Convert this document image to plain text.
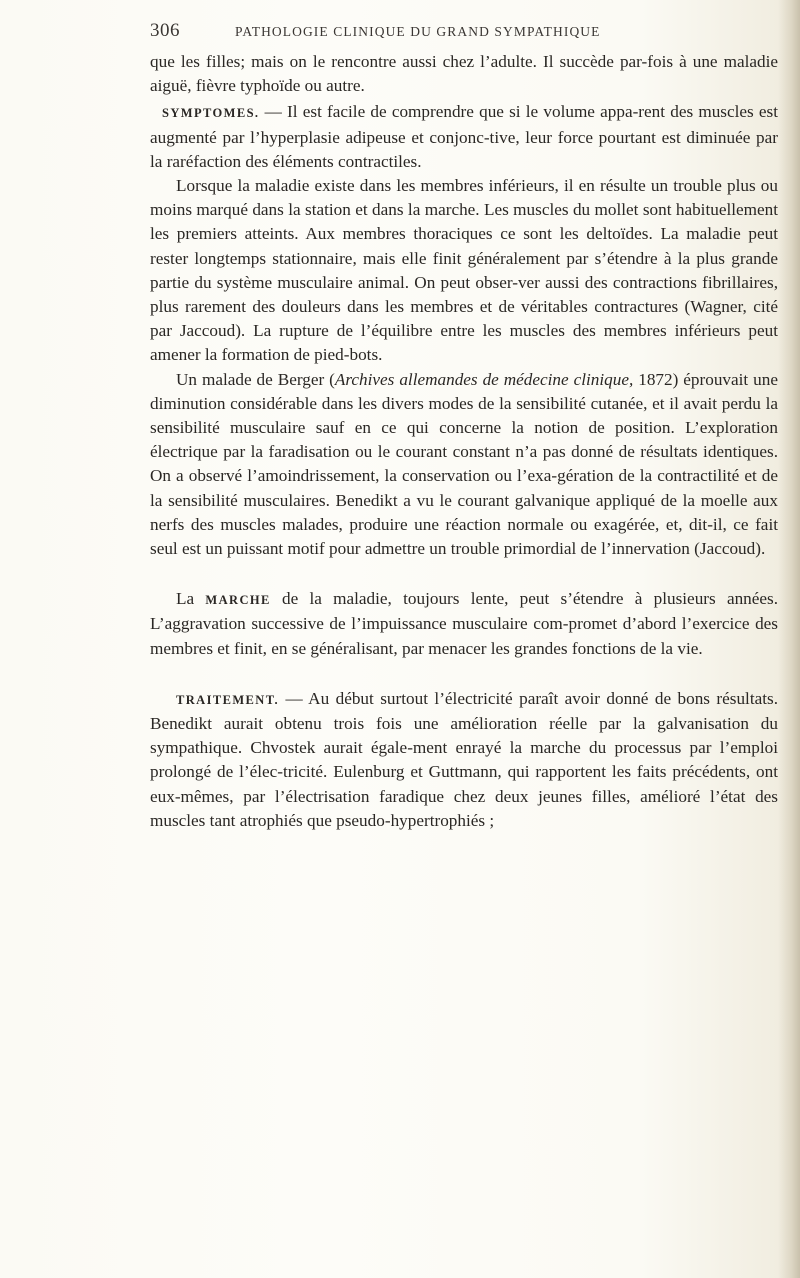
306	PATHOLOGIE CLINIQUE DU GRAND SYMPATHIQUE

que les filles; mais on le rencontre aussi chez l’adulte. Il succède par-fois à une maladie aiguë, fièvre typhoïde ou autre.

SYMPTOMES. — Il est facile de comprendre que si le volume appa-rent des muscles est augmenté par l’hyperplasie adipeuse et conjonc-tive, leur force pourtant est diminuée par la raréfaction des éléments contractiles.

Lorsque la maladie existe dans les membres inférieurs, il en résulte un trouble plus ou moins marqué dans la station et dans la marche. Les muscles du mollet sont habituellement les premiers atteints. Aux membres thoraciques ce sont les deltoïdes. La maladie peut rester longtemps stationnaire, mais elle finit généralement par s’étendre à la plus grande partie du système musculaire animal. On peut obser-ver aussi des contractions fibrillaires, plus rarement des douleurs dans les membres et de véritables contractures (Wagner, cité par Jaccoud). La rupture de l’équilibre entre les muscles des membres inférieurs peut amener la formation de pied-bots.

Un malade de Berger (Archives allemandes de médecine clinique, 1872) éprouvait une diminution considérable dans les divers modes de la sensibilité cutanée, et il avait perdu la sensibilité musculaire sauf en ce qui concerne la notion de position. L’exploration électrique par la faradisation ou le courant constant n’a pas donné de résultats identiques. On a observé l’amoindrissement, la conservation ou l’exa-gération de la contractilité et de la sensibilité musculaires. Benedikt a vu le courant galvanique appliqué de la moelle aux nerfs des muscles malades, produire une réaction normale ou exagérée, et, dit-il, ce fait seul est un puissant motif pour admettre un trouble primordial de l’innervation (Jaccoud).

La MARCHE de la maladie, toujours lente, peut s’étendre à plusieurs années. L’aggravation successive de l’impuissance musculaire com-promet d’abord l’exercice des membres et finit, en se généralisant, par menacer les grandes fonctions de la vie.

TRAITEMENT. — Au début surtout l’électricité paraît avoir donné de bons résultats. Benedikt aurait obtenu trois fois une amélioration réelle par la galvanisation du sympathique. Chvostek aurait égale-ment enrayé la marche du processus par l’emploi prolongé de l’élec-tricité. Eulenburg et Guttmann, qui rapportent les faits précédents, ont eux-mêmes, par l’électrisation faradique chez deux jeunes filles, amélioré l’état des muscles tant atrophiés que pseudo-hypertrophiés ;
